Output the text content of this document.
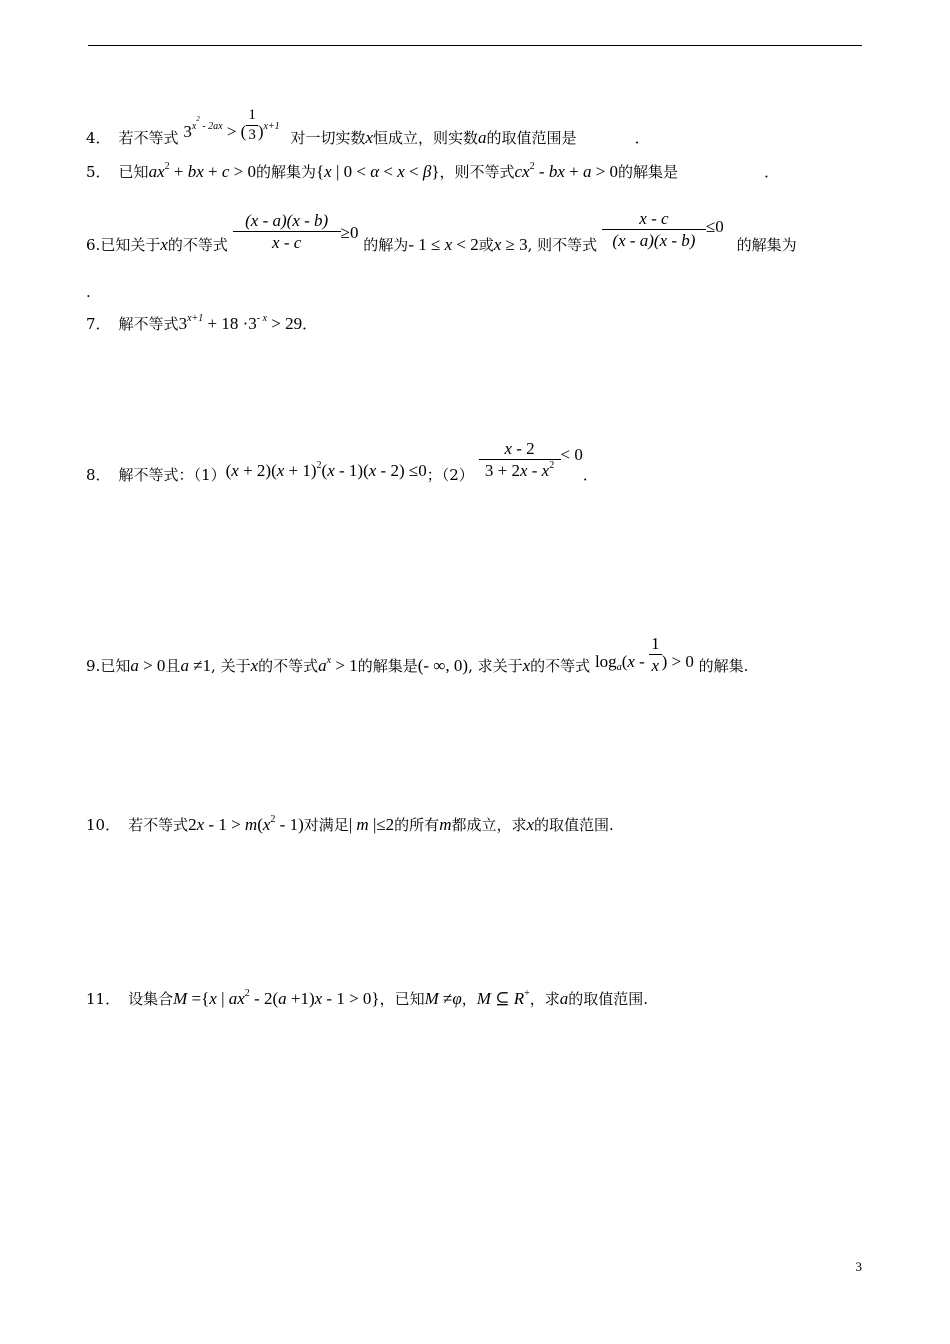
4． 若不等式 $3^{x^2 - 2ax}$ > ( $\frac{1}{3} )^{x+1}$ 对一切实数x恒成立，则实数a的取值范围是	．
5． 已知$ax^2$ + bx + c > 0的解集为{x | 0 < α < x < β}，则不等式$cx^2$ - bx + a > 0的解集是	．
6.已知关于x的不等式 $\frac{(x - a)(x - b)}{x - c} \ge 0$ 的解为- 1 ≤ x < 2或x ≥ 3, 则不等式 $\frac{x - c}{(x - a)(x - b)} \le 0$ 的解集为
.
7． 解不等式$3^{x+1} + 18 \cdot 3^{- x} > 29$．
8． 解不等式：$(1)(x + 2)(x + 1)^2(x - 1)(x - 2) \le 0$；$(2) \frac{x - 2}{3 + 2x - x^2} < 0$．
9.已知a > 0且a ≠1, 关于x的不等式$a^x > 1$的解集是(- ∞, 0), 求关于x的不等式 $\log_a(x - \frac{1}{x}$ ) > 0 的解集.
10． 若不等式$2x - 1 > m(x^2 - 1)$对满足| m |≤2的所有m都成立，求x的取值范围.
11． 设集合M ={x | $ax^2 - 2(a +1)x - 1 > 0$}，已知M ≠φ，M ⊆ R+，求a的取值范围.
3
